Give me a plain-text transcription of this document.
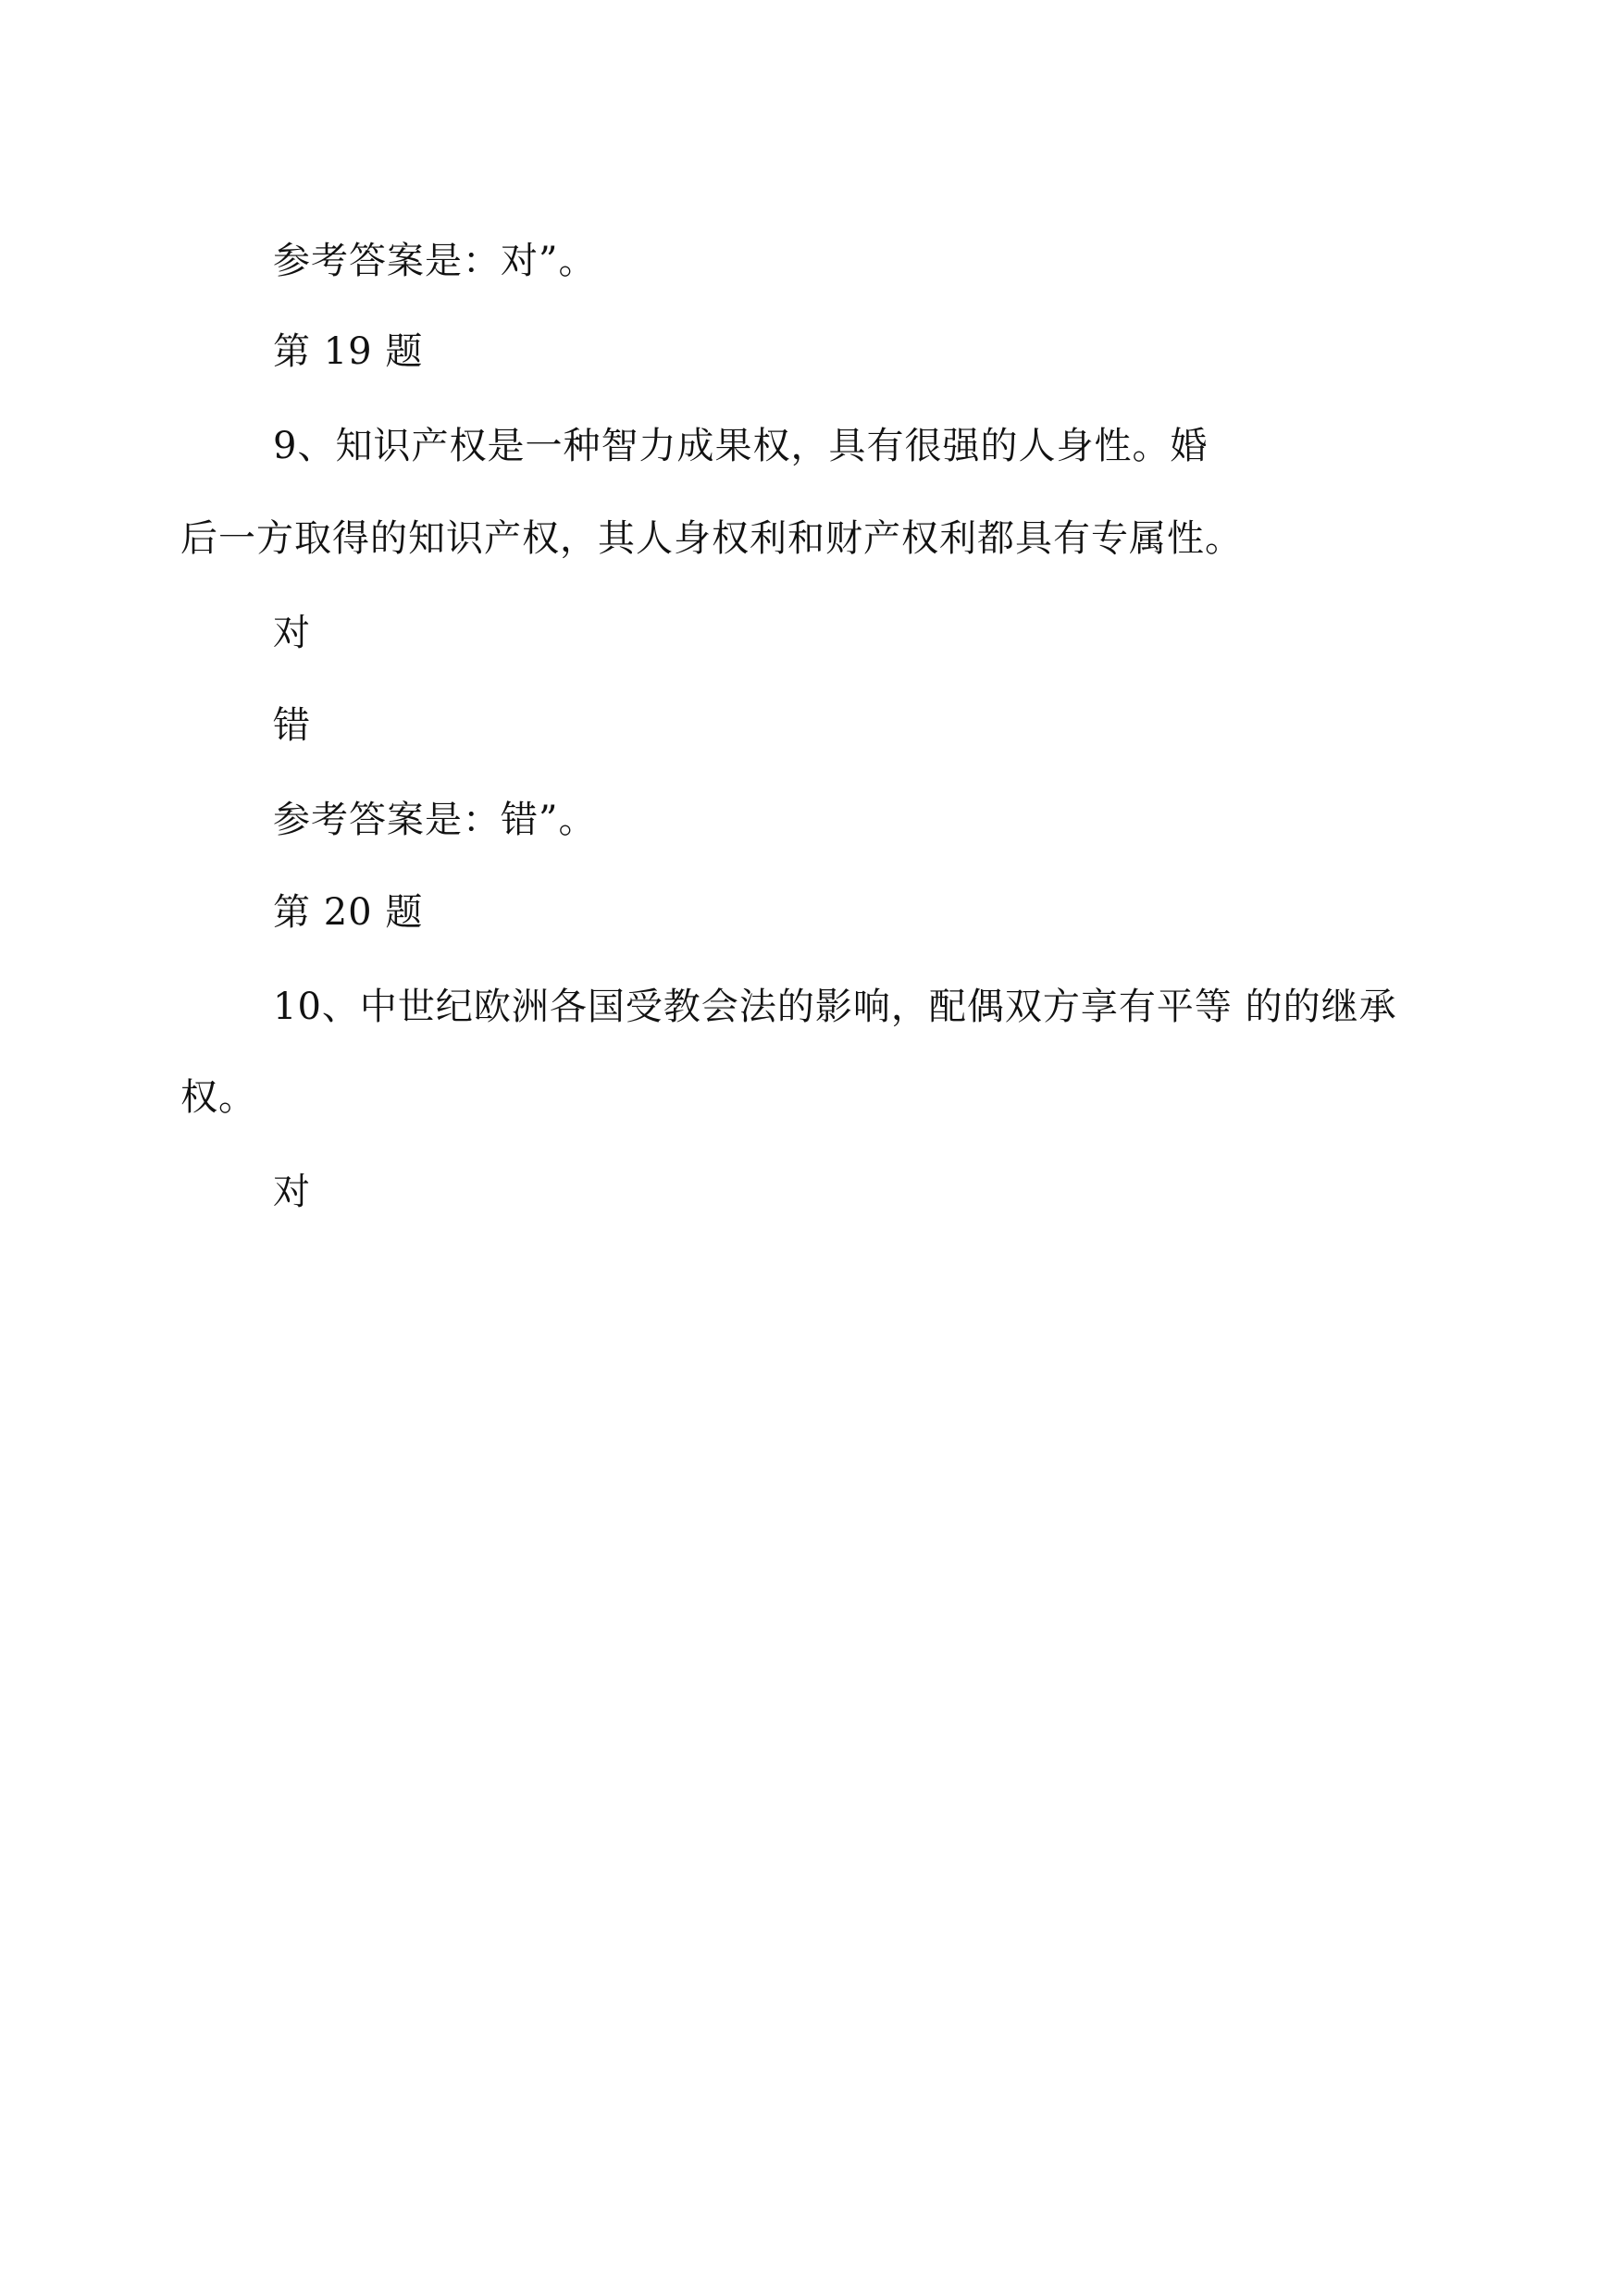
参考答案是：对”。
第 19 题
9、知识产权是一种智力成果权，具有很强的人身性。婚
后一方取得的知识产权，其人身权利和财产权利都具有专属性。
对
错
参考答案是：错”。
第 20 题
10、中世纪欧洲各国受教会法的影响，配偶双方享有平等 的的继承
权。
对
